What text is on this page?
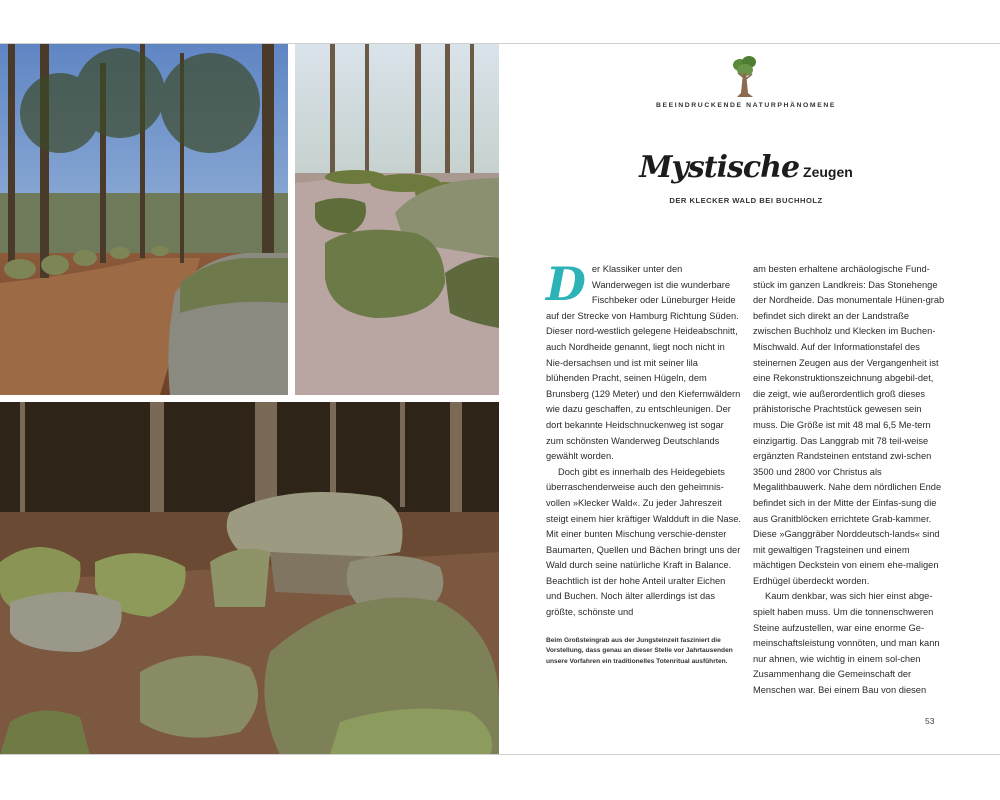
BEEINDRUCKENDE NATURPHÄNOMENE
Mystische Zeugen
DER KLECKER WALD BEI BUCHHOLZ

Der Klassiker unter den Wanderwegen ist die wunderbare Fischbeker oder Lüneburger Heide auf der Strecke von Hamburg Richtung Süden. Dieser nord-westlich gelegene Heideabschnitt, auch Nordheide genannt, liegt noch nicht in Nie-dersachsen und ist mit seiner lila blühenden Pracht, seinen Hügeln, dem Brunsberg (129 Meter) und den Kiefernwäldern wie dazu geschaffen, zu entschleunigen. Der dort bekannte Heidschnuckenweg ist sogar zum schönsten Wanderweg Deutschlands gewählt worden.

Doch gibt es innerhalb des Heidegebiets überraschenderweise auch den geheimnis-vollen »Klecker Wald«. Zu jeder Jahreszeit steigt einem hier kräftiger Waldduft in die Nase. Mit einer bunten Mischung verschie-denster Baumarten, Quellen und Bächen bringt uns der Wald durch seine natürliche Kraft in Balance. Beachtlich ist der hohe Anteil uralter Eichen und Buchen. Noch älter allerdings ist das größte, schönste und

am besten erhaltene archäologische Fund-stück im ganzen Landkreis: Das Stonehenge der Nordheide. Das monumentale Hünen-grab befindet sich direkt an der Landstraße zwischen Buchholz und Klecken im Buchen-Mischwald. Auf der Informationstafel des steinernen Zeugen aus der Vergangenheit ist eine Rekonstruktionszeichnung abgebil-det, die zeigt, wie außerordentlich groß dieses prähistorische Prachtstück gewesen sein muss. Die Größe ist mit 48 mal 6,5 Me-tern einzigartig. Das Langgrab mit 78 teil-weise ergänzten Randsteinen entstand zwi-schen 3500 und 2800 vor Christus als Megalithbauwerk. Nahe dem nördlichen Ende befindet sich in der Mitte der Einfas-sung die aus Granitblöcken errichtete Grab-kammer. Diese »Ganggräber Norddeutsch-lands« sind mit gewaltigen Tragsteinen und einem mächtigen Deckstein von einem ehe-maligen Erdhügel überdeckt worden.

Kaum denkbar, was sich hier einst abge-spielt haben muss. Um die tonnenschweren Steine aufzustellen, war eine enorme Ge-meinschaftsleistung vonnöten, und man kann nur ahnen, wie wichtig in einem sol-chen Zusammenhang die Gemeinschaft der Menschen war. Bei einem Bau von diesen

Beim Großsteingrab aus der Jungsteinzeit fasziniert die Vorstellung, dass genau an dieser Stelle vor Jahrtausenden unsere Vorfahren ein traditionelles Totenritual ausführten.
53
